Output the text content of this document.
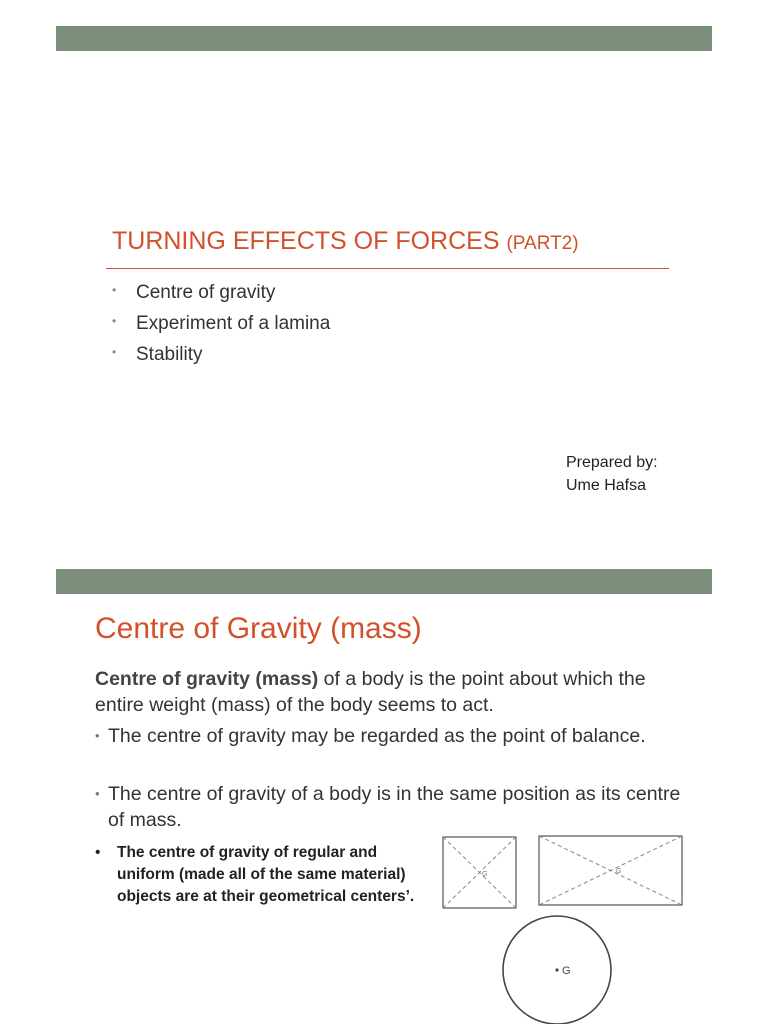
TURNING EFFECTS OF FORCES (PART2)
• Centre of gravity
• Experiment of a lamina
• Stability
Prepared by:
Ume Hafsa
Centre of Gravity (mass)
Centre of gravity (mass) of a body is the point about which the entire weight (mass) of the body seems to act.
• The centre of gravity may be regarded as the point of balance.
• The centre of gravity of a body is in the same position as its centre of mass.
•	The centre of gravity of regular and uniform (made all of the same material) objects are at their geometrical centers’.
G	G
G
